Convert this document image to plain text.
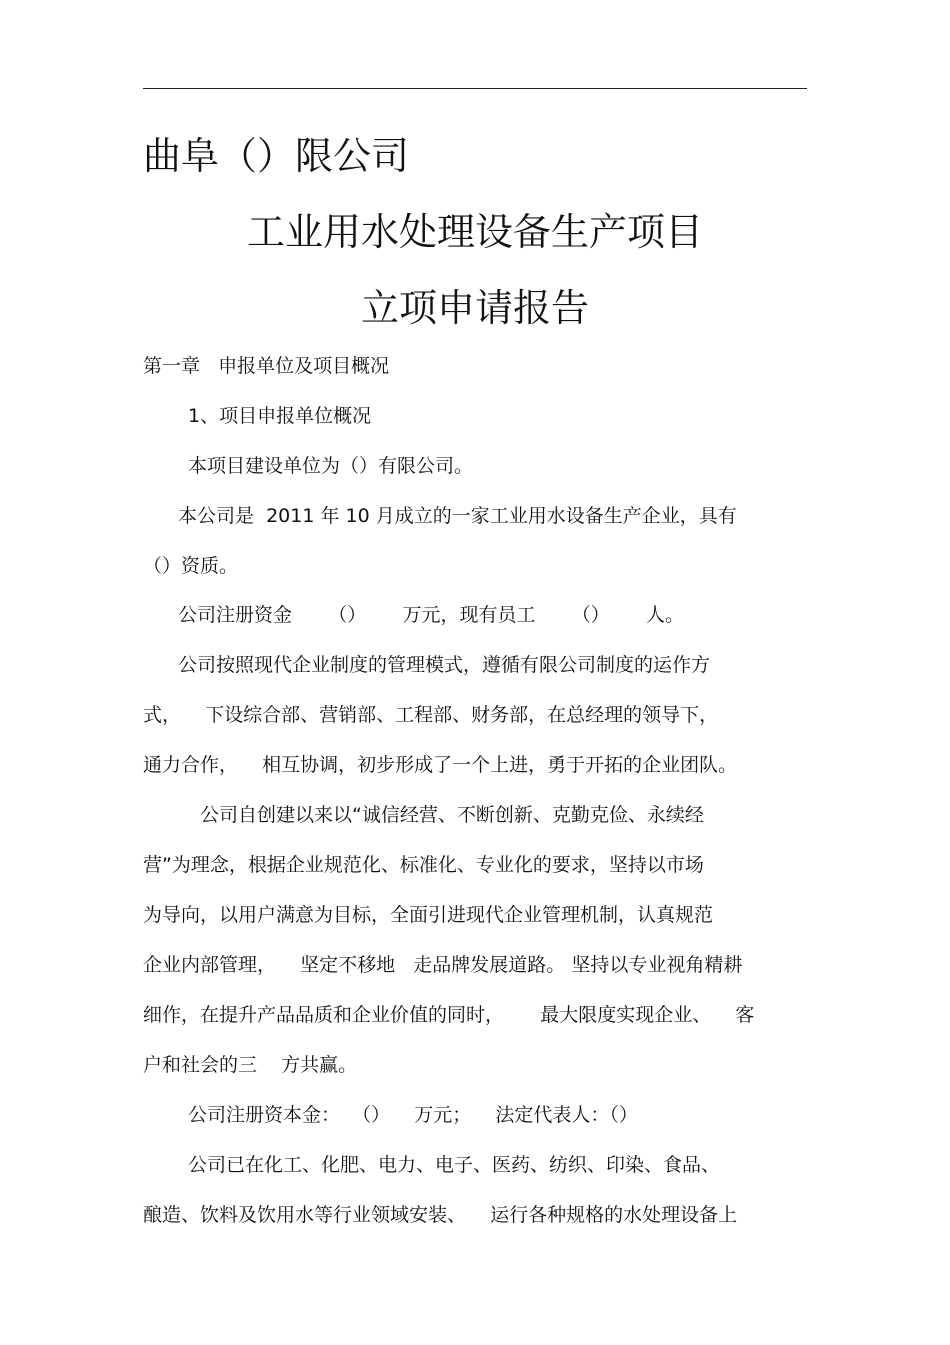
曲阜（）限公司
工业用水处理设备生产项目
立项申请报告
第一章   申报单位及项目概况
1、项目申报单位概况
本项目建设单位为（）有限公司。
本公司是  2011 年 10 月成立的一家工业用水设备生产企业，具有
（）资质。
公司注册资金      （）      万元，现有员工      （）      人。
公司按照现代企业制度的管理模式，遵循有限公司制度的运作方
式，    下设综合部、营销部、工程部、财务部，在总经理的领导下，
通力合作，    相互协调，初步形成了一个上进，勇于开拓的企业团队。
公司自创建以来以“诚信经营、不断创新、克勤克俭、永续经
营”为理念，根据企业规范化、标准化、专业化的要求，坚持以市场
为导向，以用户满意为目标，全面引进现代企业管理机制，认真规范
企业内部管理，    坚定不移地   走品牌发展道路。 坚持以专业视角精耕
细作，在提升产品品质和企业价值的同时，      最大限度实现企业、    客
户和社会的三    方共赢。
公司注册资本金：  （）    万元；    法定代表人：（）
公司已在化工、化肥、电力、电子、医药、纺织、印染、食品、
酿造、饮料及饮用水等行业领域安装、    运行各种规格的水处理设备上
